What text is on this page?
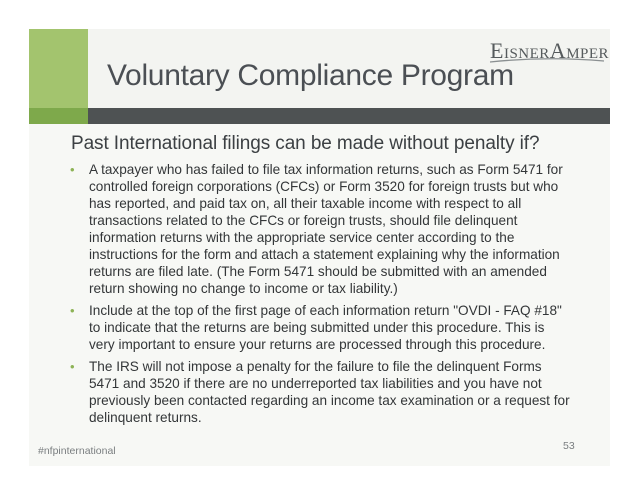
Voluntary Compliance Program
EISNERAMPER
Past International filings can be made without penalty if?
• A taxpayer who has failed to file tax information returns, such as Form 5471 for controlled foreign corporations (CFCs) or Form 3520 for foreign trusts but who has reported, and paid tax on, all their taxable income with respect to all transactions related to the CFCs or foreign trusts, should file delinquent information returns with the appropriate service center according to the instructions for the form and attach a statement explaining why the information returns are filed late. (The Form 5471 should be submitted with an amended return showing no change to income or tax liability.)
• Include at the top of the first page of each information return "OVDI - FAQ #18" to indicate that the returns are being submitted under this procedure. This is very important to ensure your returns are processed through this procedure.
• The IRS will not impose a penalty for the failure to file the delinquent Forms 5471 and 3520 if there are no underreported tax liabilities and you have not previously been contacted regarding an income tax examination or a request for delinquent returns.
#nfpinternational	53
